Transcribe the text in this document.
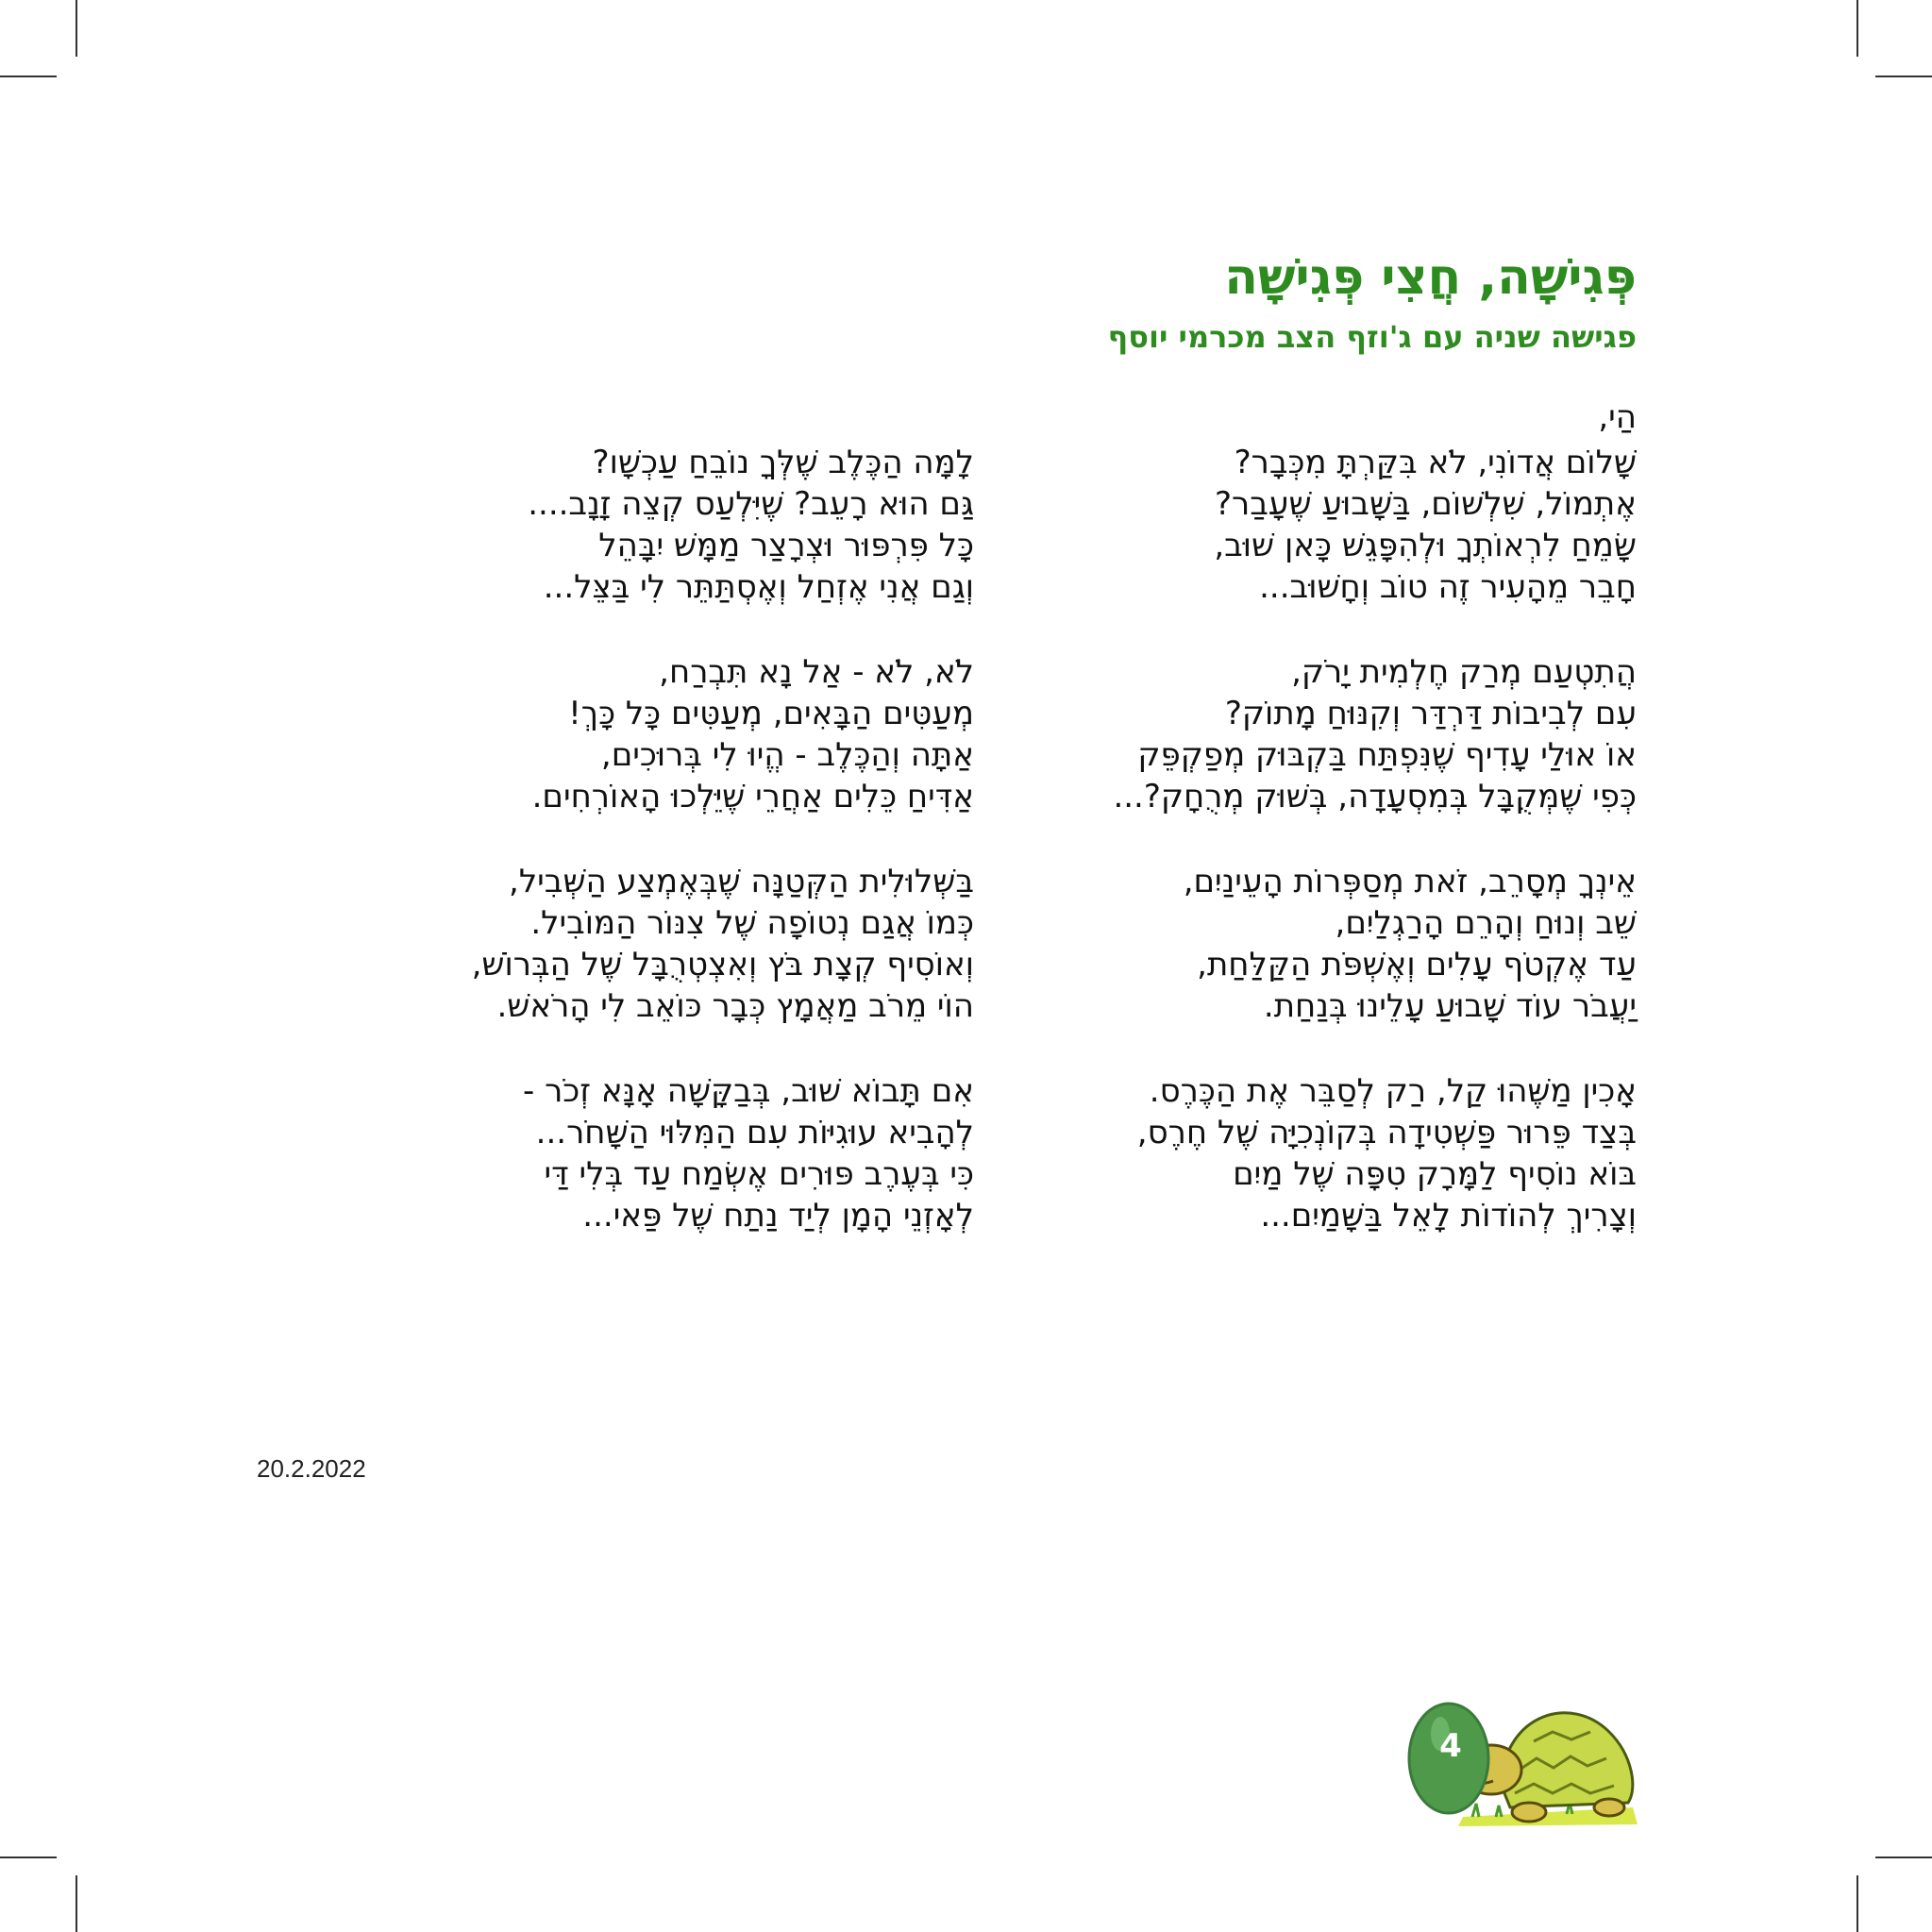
פְּגִישָׁה, חֲצִי פְּגִישָׁה
פגישה שניה עם ג'וזף הצב מכרמי יוסף
הַי,
שָׁלוֹם אֲדוֹנִי, לֹא בִּקַּרְתָּ מִכְּבָר?
אֶתְמוֹל, שִׁלְשׁוֹם, בַּשָּׁבוּעַ שֶׁעָבַר?
שָׂמֵחַ לִרְאוֹתְךָ וּלְהִפָּגֵשׁ כָּאן שׁוּב,
חָבֵר מֵהָעִיר זֶה טוֹב וְחָשׁוּב...
הֲתִטְעַם מְרַק חֶלְמִית יָרֹק,
עִם לְבִיבוֹת דַּרְדַּר וְקִנּוּחַ מָתוֹק?
אוֹ אוּלַי עָדִיף שֶׁנִּפְתַּח בַּקְבּוּק מְפַקְפֵּק
כְּפִי שֶׁמְּקֻבָּל בְּמִסְעָדָה, בְּשׁוּק מְרֻחָק?...
אֵינְךָ מְסָרֵב, זֹאת מְסַפְּרוֹת הָעֵינַיִם,
שֵׁב וְנוּחַ וְהָרֵם הָרַגְלַיִם,
עַד אֶקְטֹף עָלִים וְאֶשְׁפֹּת הַקַּלַּחַת,
יַעֲבֹר עוֹד שָׁבוּעַ עָלֵינוּ בְּנַחַת.
אָכִין מַשֶּׁהוּ קַל, רַק לְסַבֵּר אֶת הַכֶּרֶס.
בְּצַד פֵּרוּר פַּשְׁטִידָה בְּקוֹנְכִיָּה שֶׁל חֶרֶס,
בּוֹא נוֹסִיף לַמָּרָק טִפָּה שֶׁל מַיִם
וְצָרִיךְ לְהוֹדוֹת לָאֵל בַּשָּׁמַיִם...
לָמָּה הַכֶּלֶב שֶׁלְּךָ נוֹבֵחַ עַכְשָׁו?
גַּם הוּא רָעֵב? שֶׁיִּלְעַס קְצֵה זָנָב....
כָּל פִּרְפּוּר וּצְרָצַר מַמָּשׁ יִבָּהֵל
וְגַם אֲנִי אֶזְחַל וְאֶסְתַּתֵּר לִי בַּצֵּל...
לֹא, לֹא - אַל נָא תִּבְרַח,
מְעַטִּים הַבָּאִים, מְעַטִּים כָּל כָּךְ!
אַתָּה וְהַכֶּלֶב - הֱיוּ לִי בְּרוּכִים,
אַדִּיחַ כֵּלִים אַחֲרֵי שֶׁיֵּלְכוּ הָאוֹרְחִים.
בַּשְּׁלוּלִית הַקְּטַנָּה שֶׁבְּאֶמְצַע הַשְּׁבִיל,
כְּמוֹ אֲגַם נְטוֹפָה שֶׁל צִנּוֹר הַמּוֹבִיל.
וְאוֹסִיף קְצָת בֹּץ וְאִצְטְרֻבָּל שֶׁל הַבְּרוֹשׁ,
הוֹי מֵרֹב מַאֲמָץ כְּבָר כּוֹאֵב לִי הָרֹאשׁ.
אִם תָּבוֹא שׁוּב, בְּבַקָּשָׁה אָנָּא זְכֹר -
לְהָבִיא עוּגִיּוֹת עִם הַמִּלּוּי הַשָּׁחֹר...
כִּי בְּעֶרֶב פּוּרִים אֶשְׂמַח עַד בְּלִי דַּי
לְאָזְנֵי הָמָן לְיַד נַתַח שֶׁל פַּאי...
20.2.2022
4
